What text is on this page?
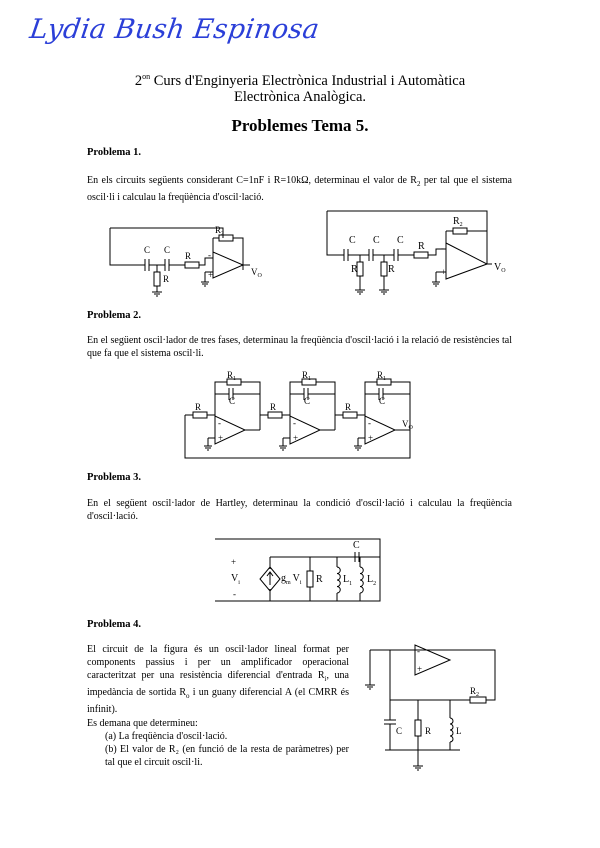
Lydia Bush Espinosa
$2^{on}$ Curs d'Enginyeria Electrònica Industrial i Automàtica
Electrònica Analògica.
Problemes Tema 5.
Problema 1.
En els circuits següents considerant C=1nF i R=10kΩ, determinau el valor de $R_2$ per tal que el sistema oscil·li i calculau la freqüència d'oscil·lació.
-
+
C C
R
R
$R_2$
$V_O$
-
+
C C C
R
R	R
$R_2$
$V_O$
Problema 2.
En el següent oscil·lador de tres fases, determinau la freqüència d'oscil·lació i la relació de resistències tal que fa que el sistema oscil·li.
-
+
R
$R_1$
C
-
+
R
$R_1$
C
-
+
R
$R_1$
C
$V_O$
Problema 3.
En el següent oscil·lador de Hartley, determinau la condició d'oscil·lació i calculau la freqüència d'oscil·lació.
+
-
$V_i$	$g_m$ $V_i$ R $L_1$ $L_2$
C
Problema 4.
El circuit de la figura és un oscil·lador lineal format per components passius i per un amplificador operacional caracteritzat per una resistència diferencial d'entrada $R_i$, una impedància de sortida $R_o$ i un guany diferencial A (el CMRR és infinit).
Es demana que determineu:
(a) La freqüència d'oscil·lació.
(b) El valor de R₂ (en funció de la resta de paràmetres) per tal que el circuit oscil·li.
-
+
C	R	L
$R_2$
